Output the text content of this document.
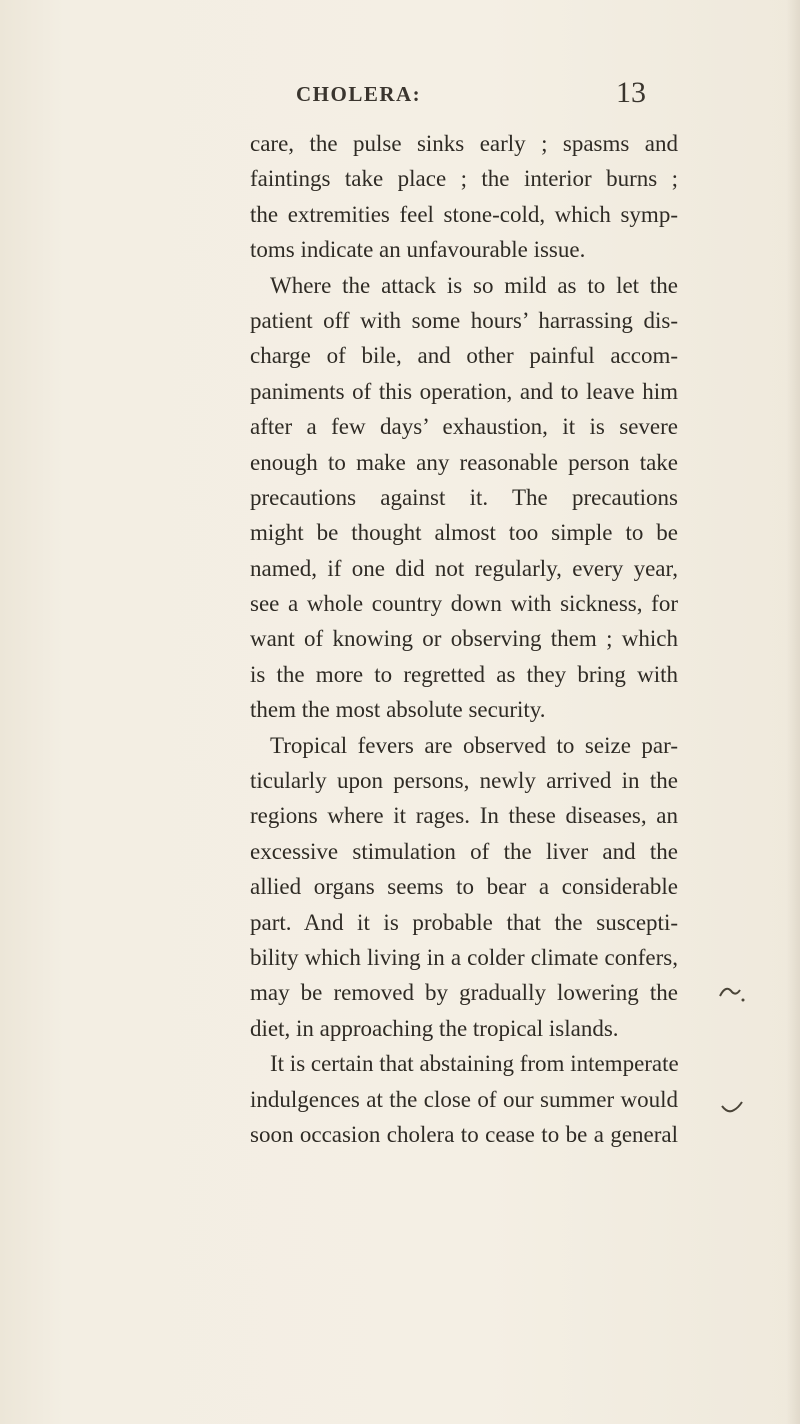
CHOLERA:	13
care, the pulse sinks early ; spasms and
faintings take place ; the interior burns ;
the extremities feel stone-cold, which symp-
toms indicate an unfavourable issue.
Where the attack is so mild as to let the
patient off with some hours’ harrassing dis-
charge of bile, and other painful accom-
paniments of this operation, and to leave him
after a few days’ exhaustion, it is severe
enough to make any reasonable person take
precautions against it. The precautions
might be thought almost too simple to be
named, if one did not regularly, every year,
see a whole country down with sickness, for
want of knowing or observing them ; which
is the more to regretted as they bring with
them the most absolute security.
Tropical fevers are observed to seize par-
ticularly upon persons, newly arrived in the
regions where it rages. In these diseases, an
excessive stimulation of the liver and the
allied organs seems to bear a considerable
part. And it is probable that the suscepti-
bility which living in a colder climate confers,
may be removed by gradually lowering the
diet, in approaching the tropical islands.
It is certain that abstaining from intemperate
indulgences at the close of our summer would
soon occasion cholera to cease to be a general
